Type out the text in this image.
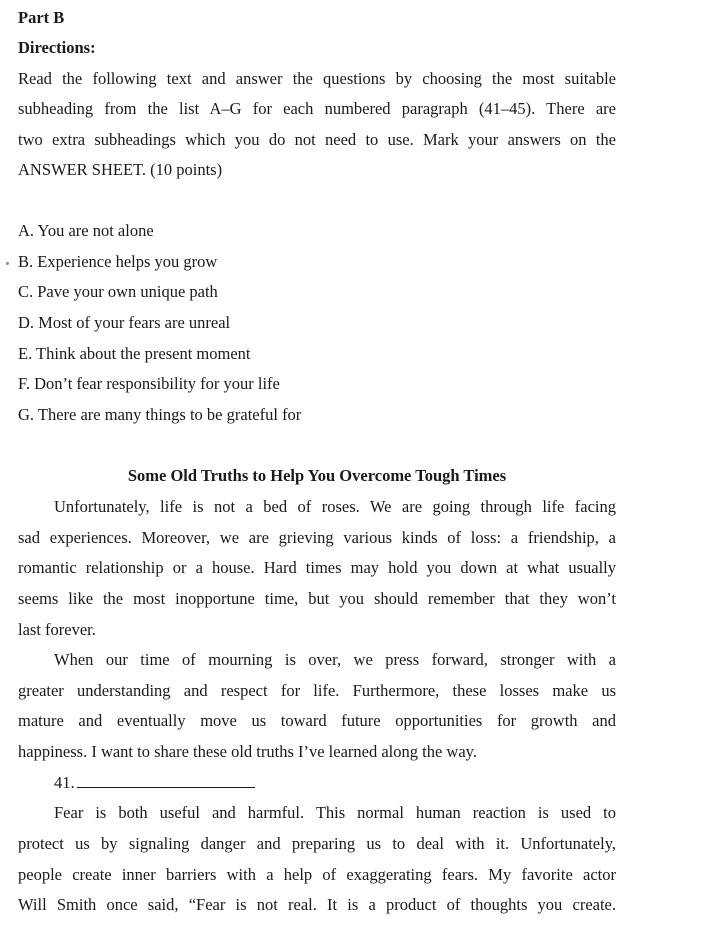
Part B
Directions:
Read the following text and answer the questions by choosing the most suitable
subheading from the list A–G for each numbered paragraph (41–45). There are
two extra subheadings which you do not need to use. Mark your answers on the
ANSWER SHEET. (10 points)
A. You are not alone
B. Experience helps you grow
C. Pave your own unique path
D. Most of your fears are unreal
E. Think about the present moment
F. Don’t fear responsibility for your life
G. There are many things to be grateful for
Some Old Truths to Help You Overcome Tough Times
Unfortunately, life is not a bed of roses. We are going through life facing
sad experiences. Moreover, we are grieving various kinds of loss: a friendship, a
romantic relationship or a house. Hard times may hold you down at what usually
seems like the most inopportune time, but you should remember that they won’t
last forever.
When our time of mourning is over, we press forward, stronger with a
greater understanding and respect for life. Furthermore, these losses make us
mature and eventually move us toward future opportunities for growth and
happiness. I want to share these old truths I’ve learned along the way.
41.
Fear is both useful and harmful. This normal human reaction is used to
protect us by signaling danger and preparing us to deal with it. Unfortunately,
people create inner barriers with a help of exaggerating fears. My favorite actor
Will Smith once said, “Fear is not real. It is a product of thoughts you create.
